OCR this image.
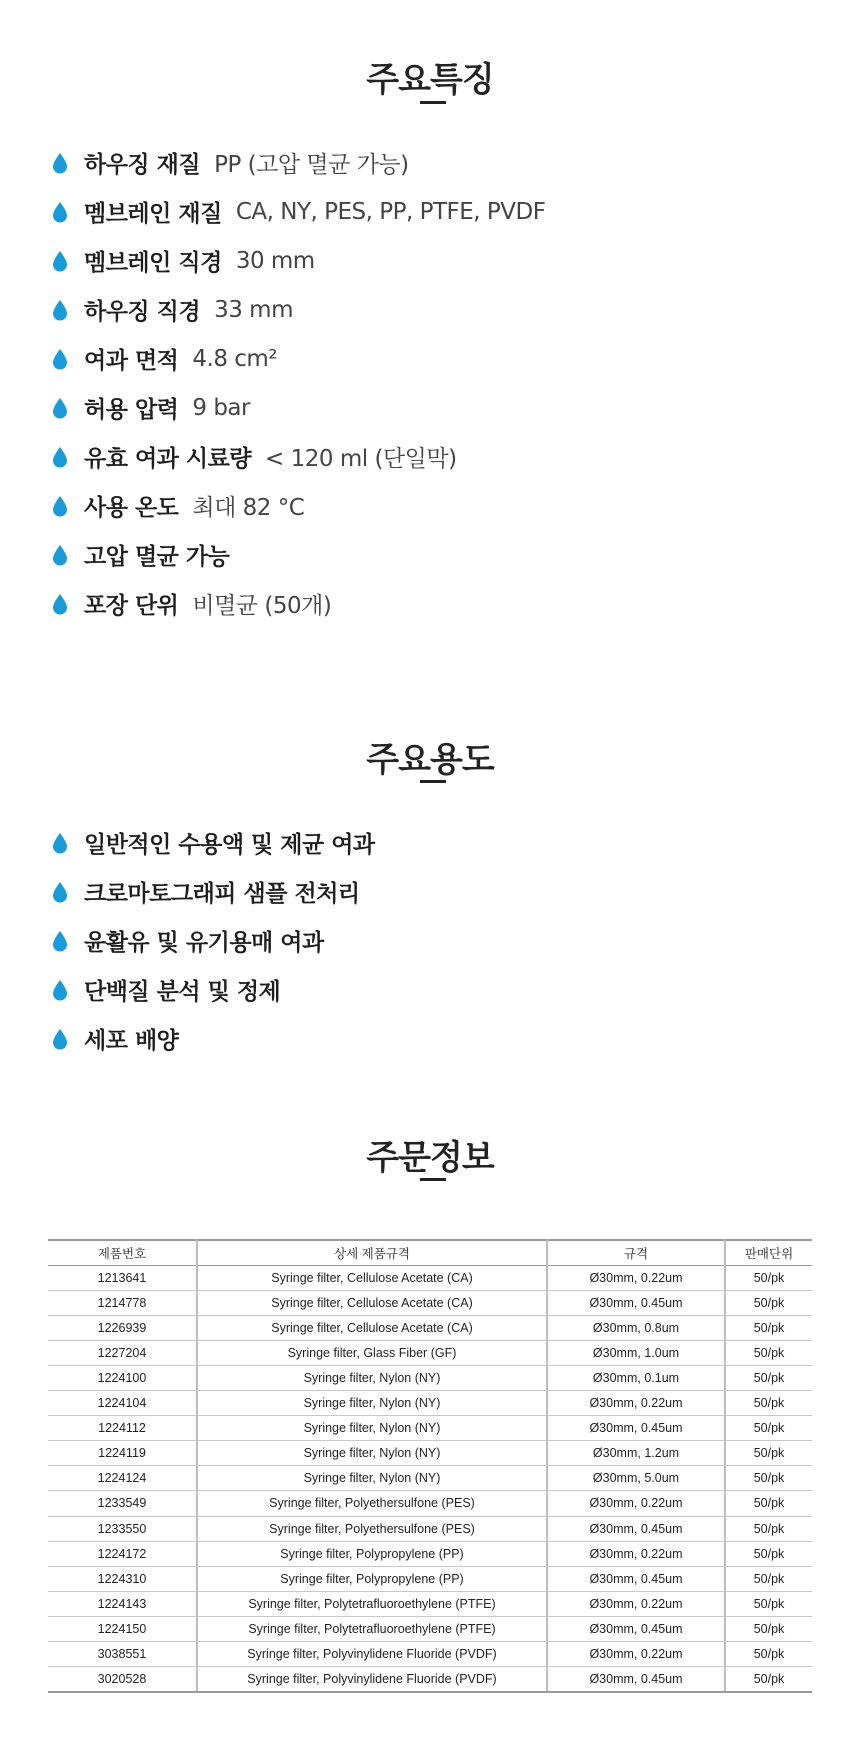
주요특징
하우징 재질 PP (고압 멸균 가능)
멤브레인 재질 CA, NY, PES, PP, PTFE, PVDF
멤브레인 직경 30 mm
하우징 직경 33 mm
여과 면적 4.8 cm²
허용 압력 9 bar
유효 여과 시료량 < 120 ml (단일막)
사용 온도 최대 82 °C
고압 멸균 가능
포장 단위 비멸균 (50개)
주요용도
일반적인 수용액 및 제균 여과
크로마토그래피 샘플 전처리
윤활유 및 유기용매 여과
단백질 분석 및 정제
세포 배양
주문정보
제품번호	상세 제품규격	규격	판매단위
1213641	Syringe filter, Cellulose Acetate (CA)	Ø30mm, 0.22um	50/pk
1214778	Syringe filter, Cellulose Acetate (CA)	Ø30mm, 0.45um	50/pk
1226939	Syringe filter, Cellulose Acetate (CA)	Ø30mm, 0.8um	50/pk
1227204	Syringe filter, Glass Fiber (GF)	Ø30mm, 1.0um	50/pk
1224100	Syringe filter, Nylon (NY)	Ø30mm, 0.1um	50/pk
1224104	Syringe filter, Nylon (NY)	Ø30mm, 0.22um	50/pk
1224112	Syringe filter, Nylon (NY)	Ø30mm, 0.45um	50/pk
1224119	Syringe filter, Nylon (NY)	Ø30mm, 1.2um	50/pk
1224124	Syringe filter, Nylon (NY)	Ø30mm, 5.0um	50/pk
1233549	Syringe filter, Polyethersulfone (PES)	Ø30mm, 0.22um	50/pk
1233550	Syringe filter, Polyethersulfone (PES)	Ø30mm, 0.45um	50/pk
1224172	Syringe filter, Polypropylene (PP)	Ø30mm, 0.22um	50/pk
1224310	Syringe filter, Polypropylene (PP)	Ø30mm, 0.45um	50/pk
1224143	Syringe filter, Polytetrafluoroethylene (PTFE)	Ø30mm, 0.22um	50/pk
1224150	Syringe filter, Polytetrafluoroethylene (PTFE)	Ø30mm, 0.45um	50/pk
3038551	Syringe filter, Polyvinylidene Fluoride (PVDF)	Ø30mm, 0.22um	50/pk
3020528	Syringe filter, Polyvinylidene Fluoride (PVDF)	Ø30mm, 0.45um	50/pk
